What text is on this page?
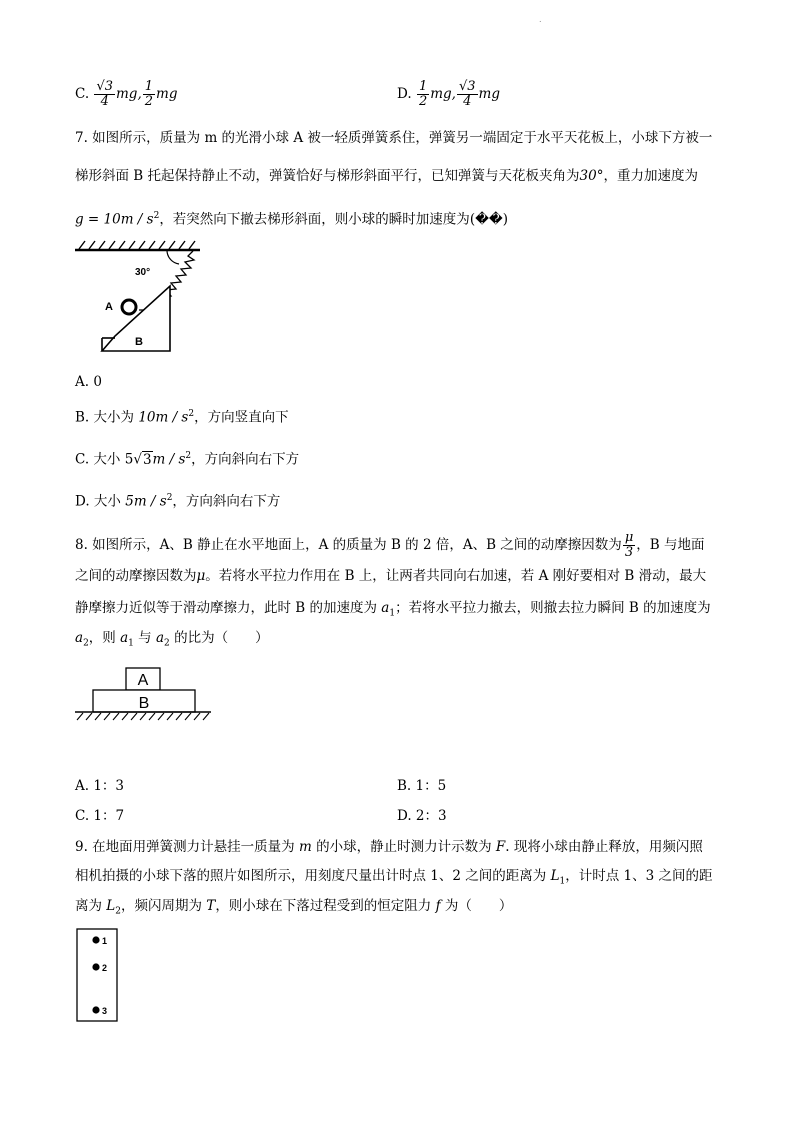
.
C. $\frac{√3}{4}$ mg, $\frac{1}{2}$ mg	D. $\frac{1}{2}$ mg, $\frac{√3}{4}$ mg
7. 如图所示，质量为 m 的光滑小球 A 被一轻质弹簧系住，弹簧另一端固定于水平天花板上，小球下方被一
梯形斜面 B 托起保持静止不动，弹簧恰好与梯形斜面平行，已知弹簧与天花板夹角为30°，重力加速度为
$g = 10m / s^2$，若突然向下撤去梯形斜面，则小球的瞬时加速度为(��)
30°
A
B
A. 0
B. 大小为 $10m / s^2$，方向竖直向下
C. 大小 $5√3m / s^2$，方向斜向右下方
D. 大小 $5m / s^2$，方向斜向右下方
8. 如图所示，A、B 静止在水平地面上，A 的质量为 B 的 2 倍，A、B 之间的动摩擦因数为 $\frac{\mu}{3}$ ，B 与地面
之间的动摩擦因数为μ。若将水平拉力作用在 B 上，让两者共同向右加速，若 A 刚好要相对 B 滑动，最大
静摩擦力近似等于滑动摩擦力，此时 B 的加速度为 $a_1$；若将水平拉力撤去，则撤去拉力瞬间 B 的加速度为
$a_2$，则 $a_1$ 与 $a_2$ 的比为（　　）
A
B
A. 1：3	B. 1：5
C. 1：7	D. 2：3
9. 在地面用弹簧测力计悬挂一质量为 m 的小球，静止时测力计示数为 F. 现将小球由静止释放，用频闪照
相机拍摄的小球下落的照片如图所示，用刻度尺量出计时点 1、2 之间的距离为 $L_1$，计时点 1、3 之间的距
离为 $L_2$，频闪周期为 T，则小球在下落过程受到的恒定阻力 f 为（　　）
1
2
3
